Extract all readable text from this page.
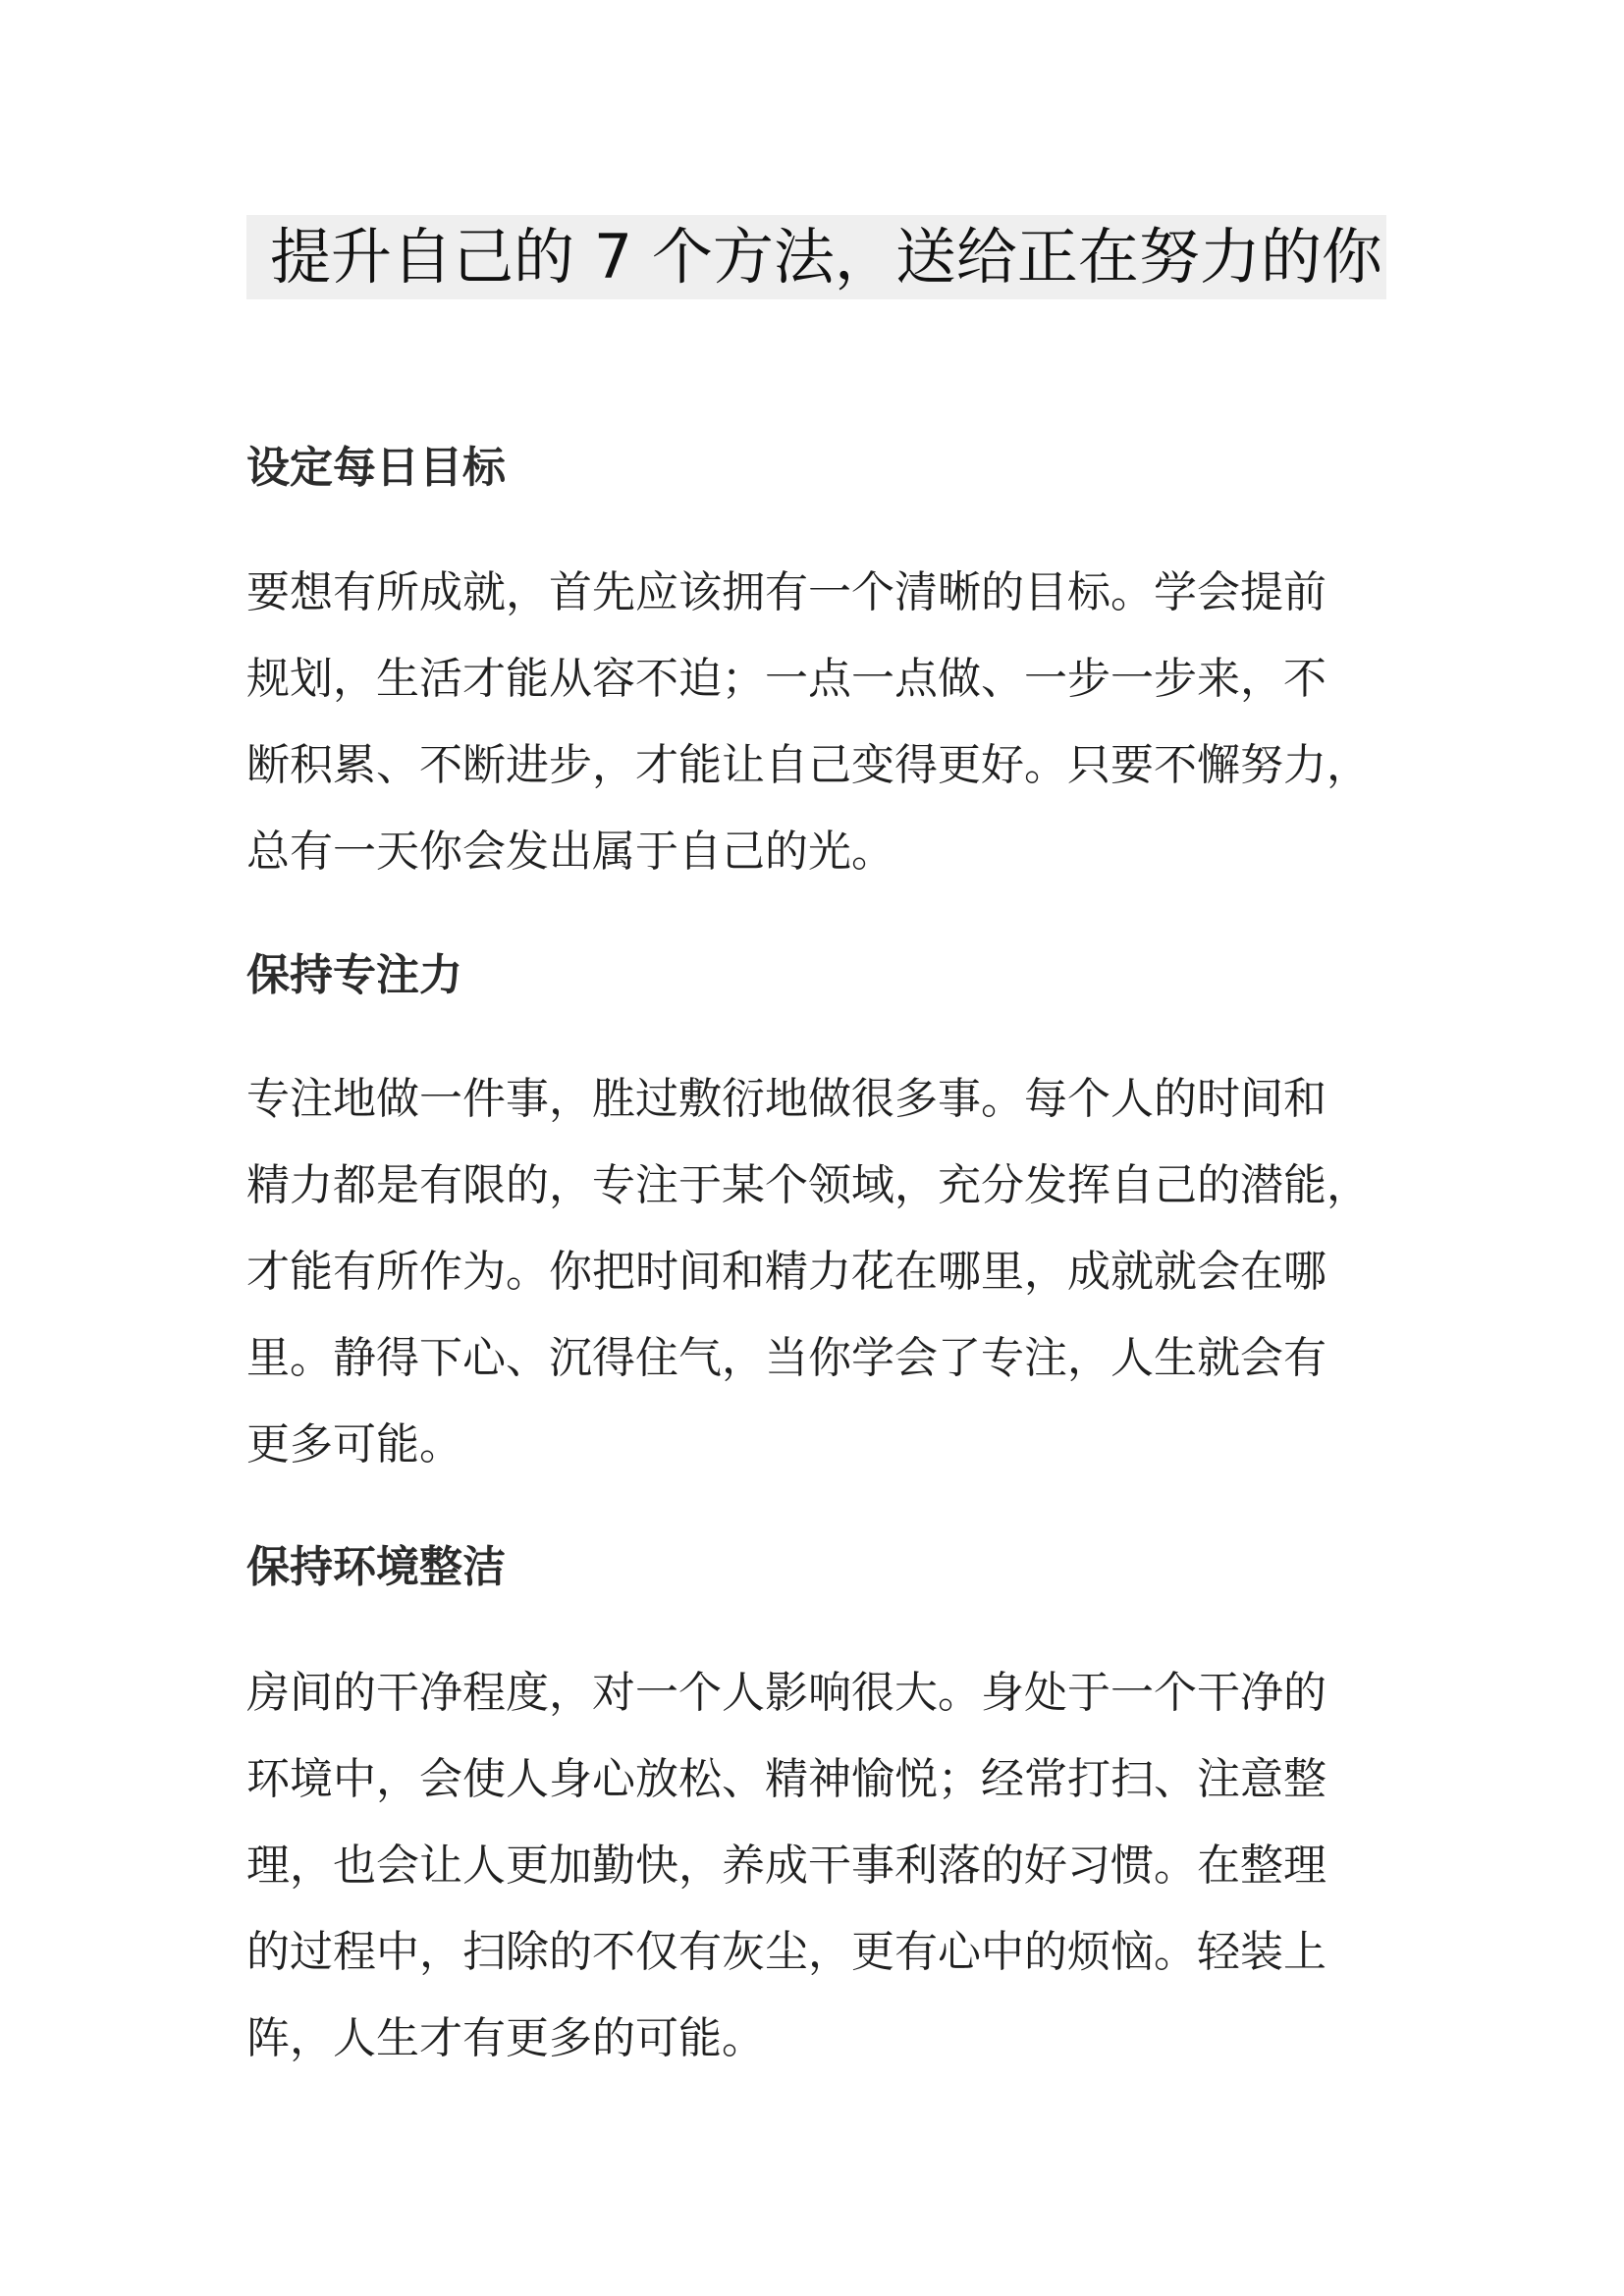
提升自己的 7 个方法，送给正在努力的你
设定每日目标
要想有所成就，首先应该拥有一个清晰的目标。学会提前
规划，生活才能从容不迫；一点一点做、一步一步来，不
断积累、不断进步，才能让自己变得更好。只要不懈努力，
总有一天你会发出属于自己的光。
保持专注力
专注地做一件事，胜过敷衍地做很多事。每个人的时间和
精力都是有限的，专注于某个领域，充分发挥自己的潜能，
才能有所作为。你把时间和精力花在哪里，成就就会在哪
里。静得下心、沉得住气，当你学会了专注，人生就会有
更多可能。
保持环境整洁
房间的干净程度，对一个人影响很大。身处于一个干净的
环境中，会使人身心放松、精神愉悦；经常打扫、注意整
理，也会让人更加勤快，养成干事利落的好习惯。在整理
的过程中，扫除的不仅有灰尘，更有心中的烦恼。轻装上
阵，人生才有更多的可能。
